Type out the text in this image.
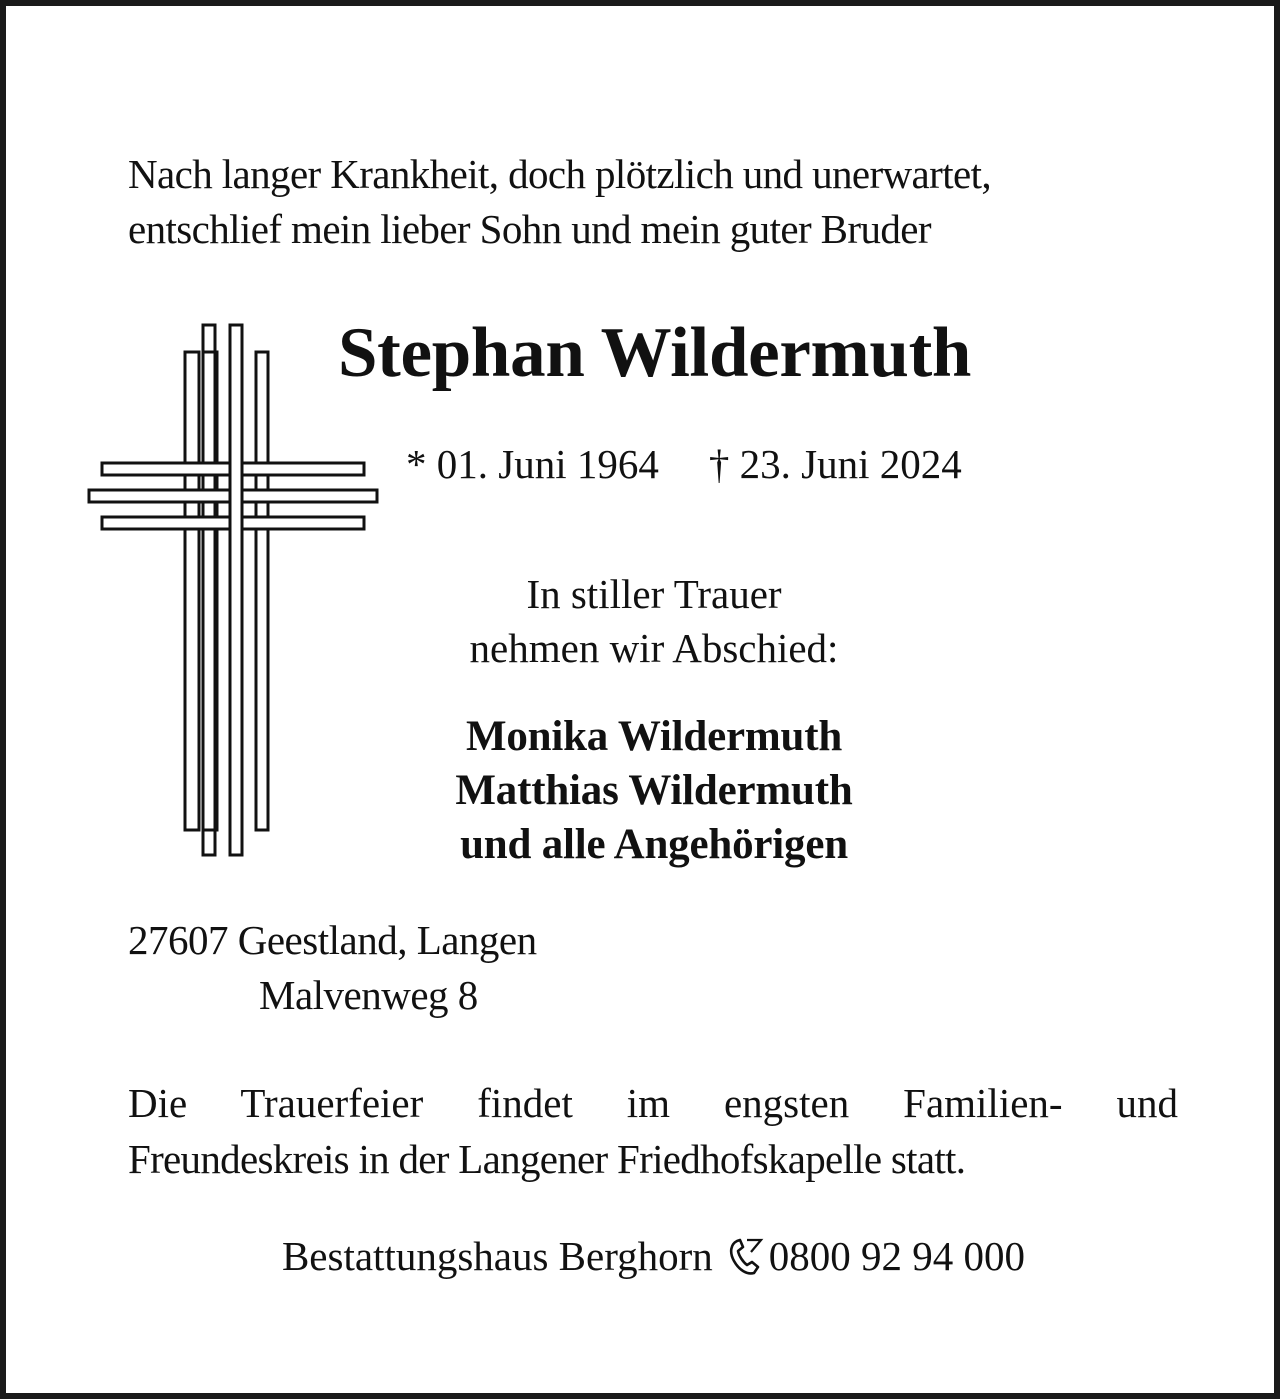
Nach langer Krankheit, doch plötzlich und unerwartet,
entschlief mein lieber Sohn und mein guter Bruder
Stephan Wildermuth
* 01. Juni 1964 † 23. Juni 2024
In stiller Trauer
nehmen wir Abschied:
Monika Wildermuth
Matthias Wildermuth
und alle Angehörigen
27607 Geestland, Langen
Malvenweg 8
Die Trauerfeier findet im engsten Familien- und
Freundeskreis in der Langener Friedhofskapelle statt.
Bestattungshaus Berghorn 0800 92 94 000
